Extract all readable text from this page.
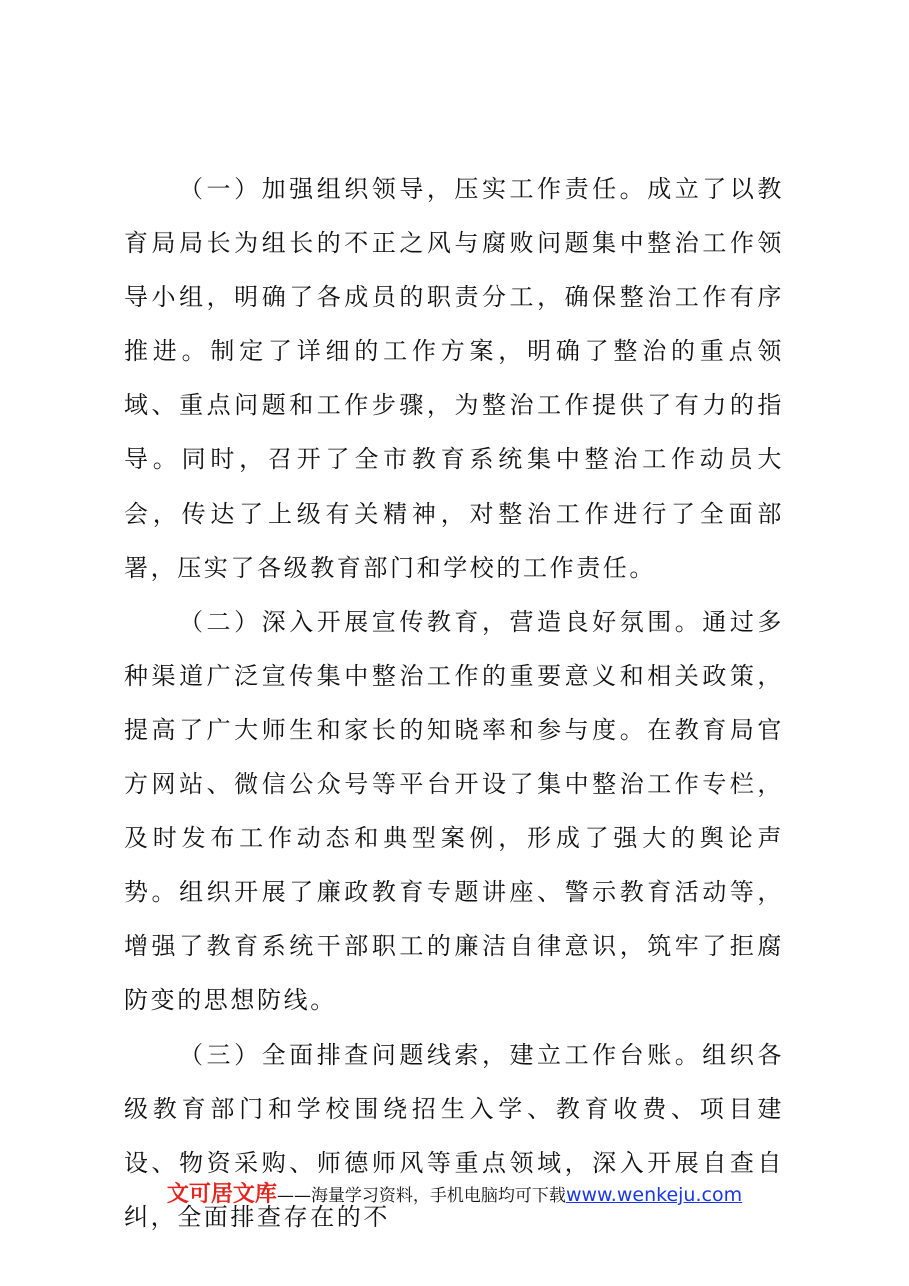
（一）加强组织领导，压实工作责任。成立了以教育局局长为组长的不正之风与腐败问题集中整治工作领导小组，明确了各成员的职责分工，确保整治工作有序推进。制定了详细的工作方案，明确了整治的重点领域、重点问题和工作步骤，为整治工作提供了有力的指导。同时，召开了全市教育系统集中整治工作动员大会，传达了上级有关精神，对整治工作进行了全面部署，压实了各级教育部门和学校的工作责任。

（二）深入开展宣传教育，营造良好氛围。通过多种渠道广泛宣传集中整治工作的重要意义和相关政策，提高了广大师生和家长的知晓率和参与度。在教育局官方网站、微信公众号等平台开设了集中整治工作专栏，及时发布工作动态和典型案例，形成了强大的舆论声势。组织开展了廉政教育专题讲座、警示教育活动等，增强了教育系统干部职工的廉洁自律意识，筑牢了拒腐防变的思想防线。

（三）全面排查问题线索，建立工作台账。组织各级教育部门和学校围绕招生入学、教育收费、项目建设、物资采购、师德师风等重点领域，深入开展自查自纠，全面排查存在的不

文可居文库——海量学习资料，手机电脑均可下载www.wenkeju.com
